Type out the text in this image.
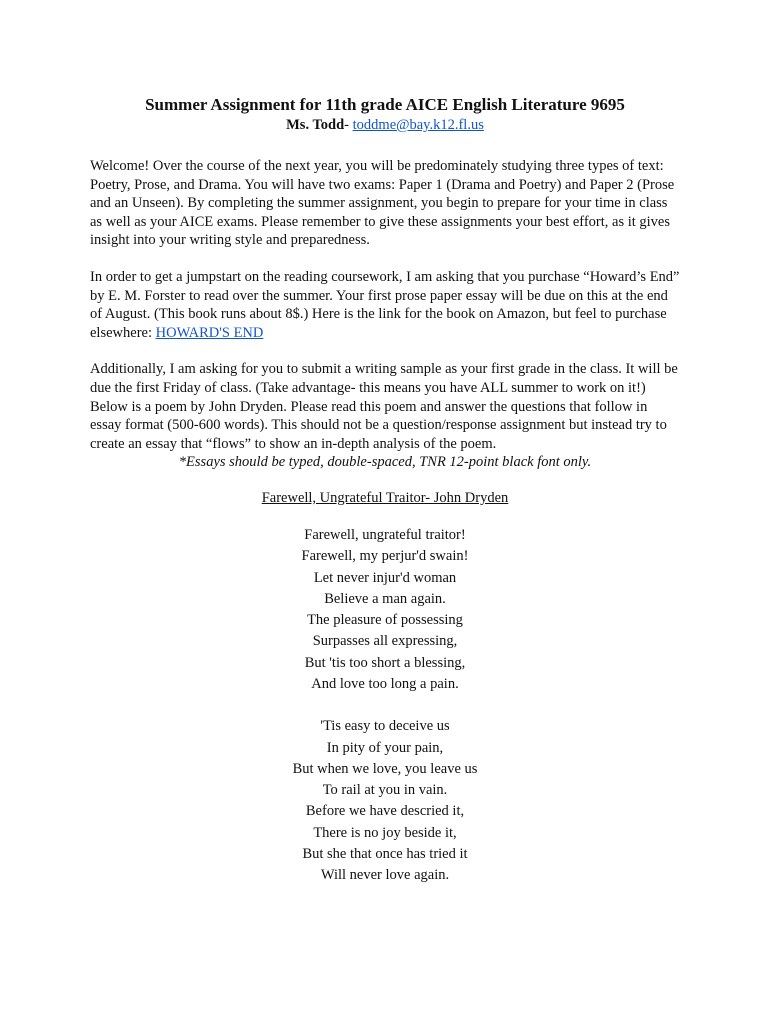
Summer Assignment for 11th grade AICE English Literature 9695
Ms. Todd- toddme@bay.k12.fl.us

Welcome! Over the course of the next year, you will be predominately studying three types of text: Poetry, Prose, and Drama. You will have two exams: Paper 1 (Drama and Poetry) and Paper 2 (Prose and an Unseen). By completing the summer assignment, you begin to prepare for your time in class as well as your AICE exams. Please remember to give these assignments your best effort, as it gives insight into your writing style and preparedness.

In order to get a jumpstart on the reading coursework, I am asking that you purchase “Howard’s End” by E. M. Forster to read over the summer. Your first prose paper essay will be due on this at the end of August. (This book runs about 8$.) Here is the link for the book on Amazon, but feel to purchase elsewhere: HOWARD'S END

Additionally, I am asking for you to submit a writing sample as your first grade in the class. It will be due the first Friday of class. (Take advantage- this means you have ALL summer to work on it!)

Below is a poem by John Dryden. Please read this poem and answer the questions that follow in essay format (500-600 words). This should not be a question/response assignment but instead try to create an essay that “flows” to show an in-depth analysis of the poem.

*Essays should be typed, double-spaced, TNR 12-point black font only.

Farewell, Ungrateful Traitor- John Dryden
Farewell, ungrateful traitor!
Farewell, my perjur'd swain!
Let never injur'd woman
Believe a man again.
The pleasure of possessing
Surpasses all expressing,
But 'tis too short a blessing,
And love too long a pain.
'Tis easy to deceive us
In pity of your pain,
But when we love, you leave us
To rail at you in vain.
Before we have descried it,
There is no joy beside it,
But she that once has tried it
Will never love again.
